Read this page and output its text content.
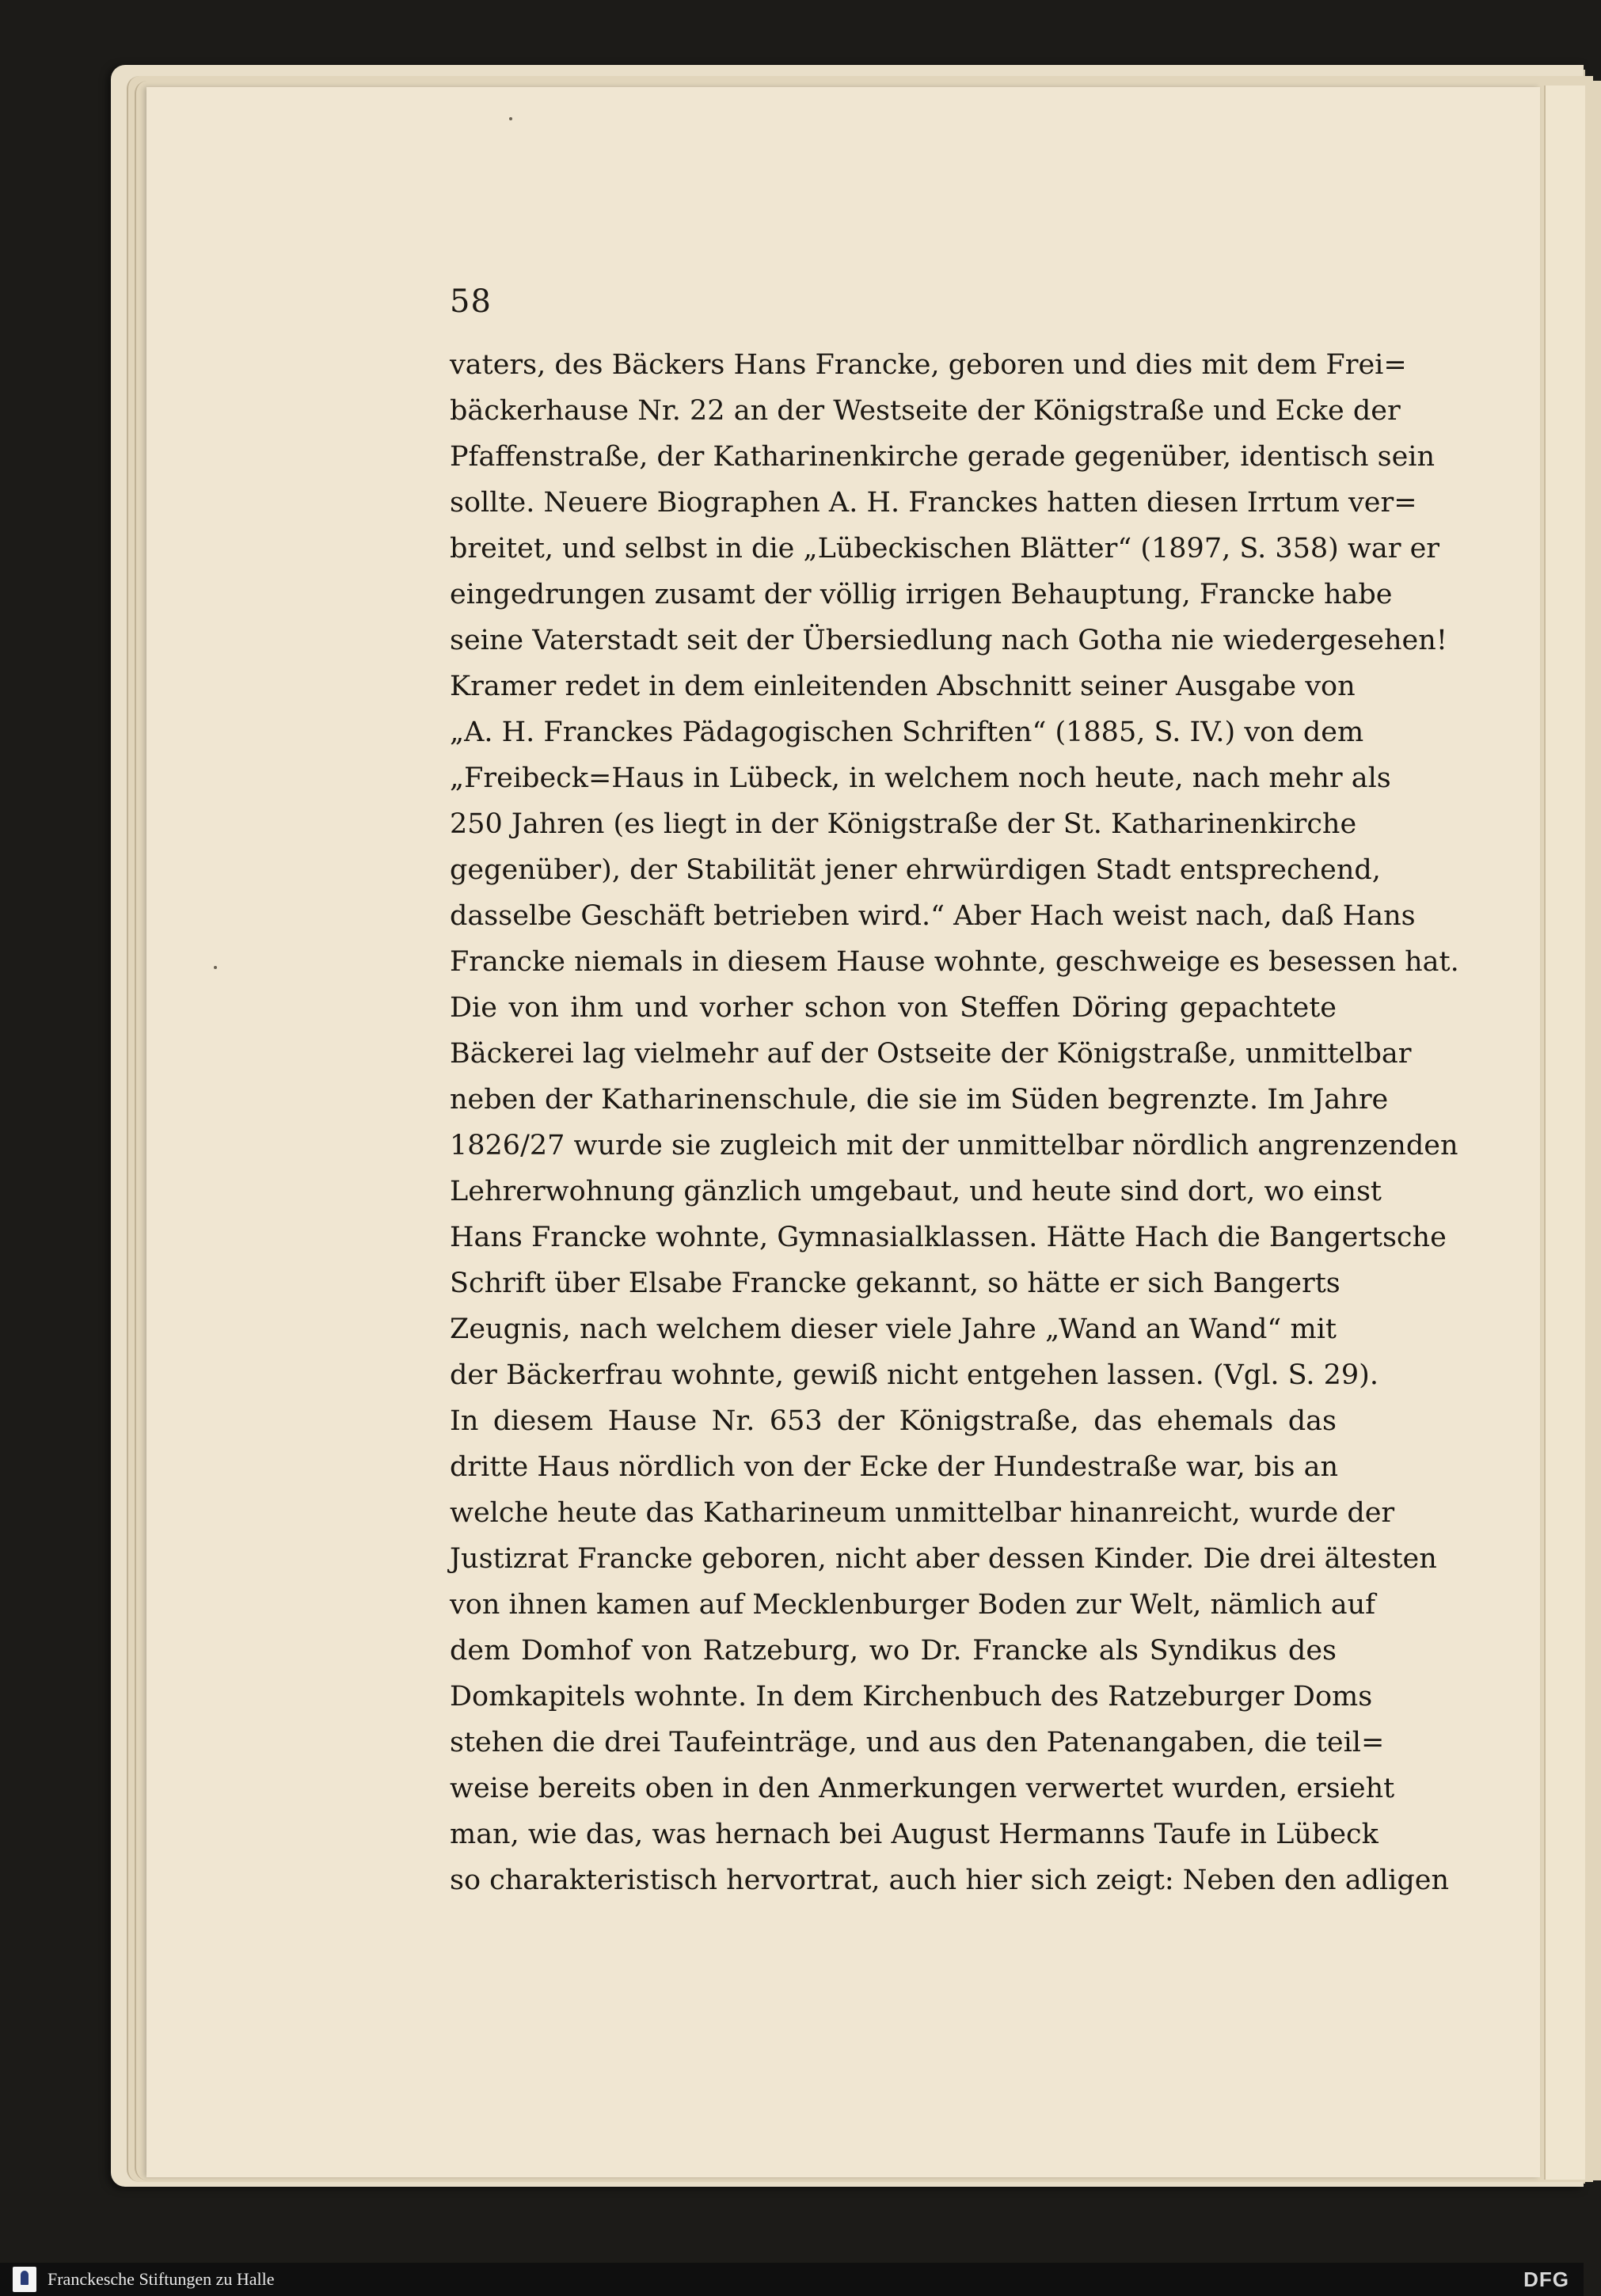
58
vaters, des Bäckers Hans Francke, geboren und dies mit dem Frei=
bäckerhause Nr. 22 an der Westseite der Königstraße und Ecke der
Pfaffenstraße, der Katharinenkirche gerade gegenüber, identisch sein
sollte. Neuere Biographen A. H. Franckes hatten diesen Irrtum ver=
breitet, und selbst in die „Lübeckischen Blätter“ (1897, S. 358) war er
eingedrungen zusamt der völlig irrigen Behauptung, Francke habe
seine Vaterstadt seit der Übersiedlung nach Gotha nie wiedergesehen!
Kramer redet in dem einleitenden Abschnitt seiner Ausgabe von
„A. H. Franckes Pädagogischen Schriften“ (1885, S. IV.) von dem
„Freibeck=Haus in Lübeck, in welchem noch heute, nach mehr als
250 Jahren (es liegt in der Königstraße der St. Katharinenkirche
gegenüber), der Stabilität jener ehrwürdigen Stadt entsprechend,
dasselbe Geschäft betrieben wird.“ Aber Hach weist nach, daß Hans
Francke niemals in diesem Hause wohnte, geschweige es besessen hat.
Die von ihm und vorher schon von Steffen Döring gepachtete
Bäckerei lag vielmehr auf der Ostseite der Königstraße, unmittelbar
neben der Katharinenschule, die sie im Süden begrenzte. Im Jahre
1826/27 wurde sie zugleich mit der unmittelbar nördlich angrenzenden
Lehrerwohnung gänzlich umgebaut, und heute sind dort, wo einst
Hans Francke wohnte, Gymnasialklassen. Hätte Hach die Bangertsche
Schrift über Elsabe Francke gekannt, so hätte er sich Bangerts
Zeugnis, nach welchem dieser viele Jahre „Wand an Wand“ mit
der Bäckerfrau wohnte, gewiß nicht entgehen lassen. (Vgl. S. 29).
In diesem Hause Nr. 653 der Königstraße, das ehemals das
dritte Haus nördlich von der Ecke der Hundestraße war, bis an
welche heute das Katharineum unmittelbar hinanreicht, wurde der
Justizrat Francke geboren, nicht aber dessen Kinder. Die drei ältesten
von ihnen kamen auf Mecklenburger Boden zur Welt, nämlich auf
dem Domhof von Ratzeburg, wo Dr. Francke als Syndikus des
Domkapitels wohnte. In dem Kirchenbuch des Ratzeburger Doms
stehen die drei Taufeinträge, und aus den Patenangaben, die teil=
weise bereits oben in den Anmerkungen verwertet wurden, ersieht
man, wie das, was hernach bei August Hermanns Taufe in Lübeck
so charakteristisch hervortrat, auch hier sich zeigt: Neben den adligen
Franckesche Stiftungen zu Halle	DFG
